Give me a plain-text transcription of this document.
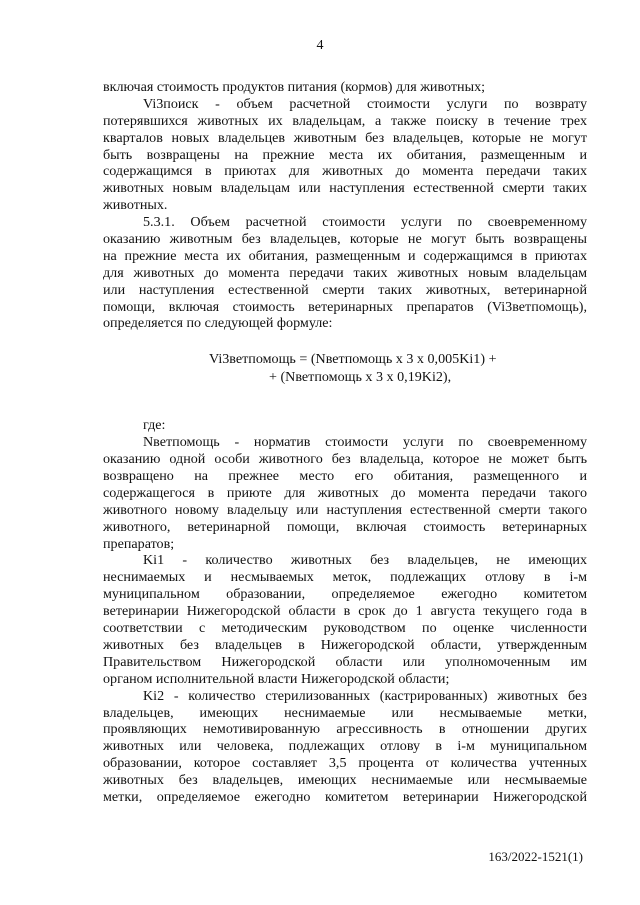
4
включая стоимость продуктов питания (кормов) для животных;
Vi3поиск - объем расчетной стоимости услуги по возврату
потерявшихся животных их владельцам, а также поиску в течение трех
кварталов новых владельцев животным без владельцев, которые не могут
быть возвращены на прежние места их обитания, размещенным и
содержащимся в приютах для животных до момента передачи таких
животных новым владельцам или наступления естественной смерти таких
животных.
5.3.1. Объем расчетной стоимости услуги по своевременному
оказанию животным без владельцев, которые не могут быть возвращены
на прежние места их обитания, размещенным и содержащимся в приютах
для животных до момента передачи таких животных новым владельцам
или наступления естественной смерти таких животных, ветеринарной
помощи, включая стоимость ветеринарных препаратов (Vi3ветпомощь),
определяется по следующей формуле:
Vi3ветпомощь = (Nветпомощь x 3 x 0,005Ki1) +
+ (Nветпомощь x 3 x 0,19Ki2),
где:
Nветпомощь - норматив стоимости услуги по своевременному
оказанию одной особи животного без владельца, которое не может быть
возвращено на прежнее место его обитания, размещенного и
содержащегося в приюте для животных до момента передачи такого
животного новому владельцу или наступления естественной смерти такого
животного, ветеринарной помощи, включая стоимость ветеринарных
препаратов;
Ki1 - количество животных без владельцев, не имеющих
неснимаемых и несмываемых меток, подлежащих отлову в i-м
муниципальном образовании, определяемое ежегодно комитетом
ветеринарии Нижегородской области в срок до 1 августа текущего года в
соответствии с методическим руководством по оценке численности
животных без владельцев в Нижегородской области, утвержденным
Правительством Нижегородской области или уполномоченным им
органом исполнительной власти Нижегородской области;
Ki2 - количество стерилизованных (кастрированных) животных без
владельцев, имеющих неснимаемые или несмываемые метки,
проявляющих немотивированную агрессивность в отношении других
животных или человека, подлежащих отлову в i-м муниципальном
образовании, которое составляет 3,5 процента от количества учтенных
животных без владельцев, имеющих неснимаемые или несмываемые
метки, определяемое ежегодно комитетом ветеринарии Нижегородской
163/2022-1521(1)
